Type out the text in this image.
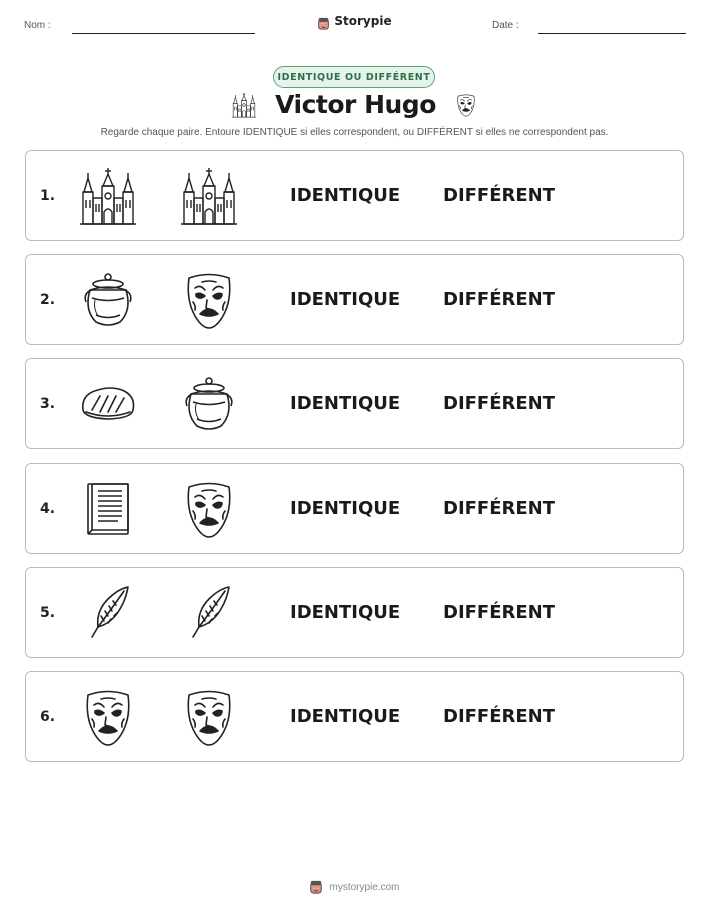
Nom :	Date :
Storypie
IDENTIQUE OU DIFFÉRENT
Victor Hugo
Regarde chaque paire. Entoure IDENTIQUE si elles correspondent, ou DIFFÉRENT si elles ne correspondent pas.
1.	IDENTIQUE DIFFÉRENT
2.	IDENTIQUE DIFFÉRENT
3.	IDENTIQUE DIFFÉRENT
4.	IDENTIQUE DIFFÉRENT
5.	IDENTIQUE DIFFÉRENT
6.	IDENTIQUE DIFFÉRENT
mystorypie.com
